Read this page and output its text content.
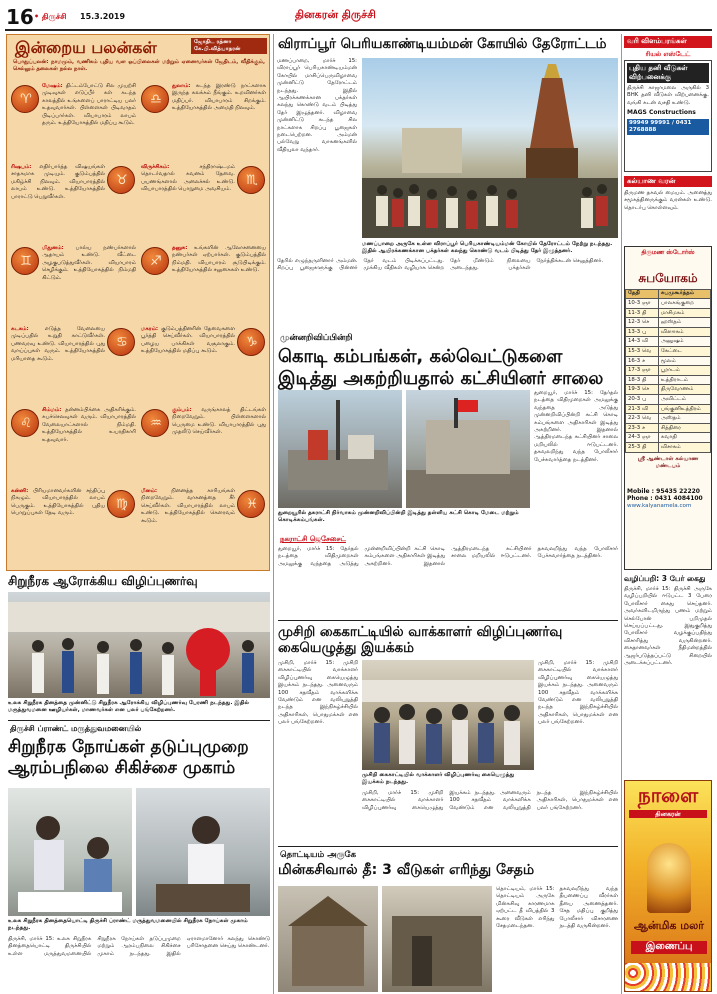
16 • திருச்சி 15.3.2019	தினகரன் திருச்சி
இன்றைய பலன்கள்	ஜோதிட ரத்னா
கே.பி.வித்யாதரன்
பொதுப்பலன்: நாமமும், வணிகம் புதிய வள ஒப்பிலைகள் மற்றும் ஏனைவர்கள் ஜேதிடம், வீதிக்கும், செல்லும் தலைகள் நல்ல நாள்.
♈
மேஷம்: திட்டம்போட்டு சில முயற்சி முடிவுகள் எடுப்பீர் கள் கடந்த காலத்தில் உங்களைப் பாராட்டிய பலர் உதவுவார்கள். பிள்ளைகள் பிடிவாதம் பிடிப்பார்கள். வியாபாரம் லாபம் தரும். உத்தியோகத்தில் மதிப்பு கூடும்.
♉
ரிஷபம்: எதிர்பார்த்த விஷயங்கள் சாதகமாக முடியும். குடும்பத்தில் மகிழ்ச்சி நிலவும். வியாபாரத்தில் லாபம் உண்டு. உத்தியோகத்தில் பாராட்டு பெறுவீர்கள்.
♊
மிதுனம்: பால்ய நண்பர்களால் ஆதாயம் உண்டு. வீட்டை அழகுபடுத்துவீர்கள். வியாபாரம் செழிக்கும். உத்தியோகத்தில் நிம்மதி கிட்டும்.
♋
கடகம்:	எடுத்த வேலையை முடிப்பதில் உறுதி காட்டுவீர்கள். பணவரவு உண்டு. வியாபாரத்தில் புது வாய்ப்புகள் வரும். உத்தியோகத்தில் மரியாதை கூடும்.
♌
சிம்மம்: தன்னம்பிக்கை அதிகரிக்கும். சுபச்செலவுகள் வரும். வியாபாரத்தில் வேலையாட்களால் நிம்மதி. உத்தியோகத்தில் உயரதிகாரி உதவுவார்.
♍
கன்னி: பிரியமானவர்களின் சந்திப்பு நிகழும். வியாபாரத்தில் லாபம் பெருகும். உத்தியோகத்தில் புதிய பொறுப்புகள் தேடி வரும்.
♎
துலாம்: கடந்த இரண்டு நாட்களாக இருந்த கலக்கம் நீங்கும். உறவினர்கள் மதிப்பர். வியாபாரம் சிறக்கும். உத்தியோகத்தில் அமைதி நிலவும்.
♏
விருச்சிகம்:	சந்திராஷ்டமம் தொடர்வதால் கவனம் தேவை. பயணங்களால் அலைச்சல் உண்டு. வியாபாரத்தில் பொறுமை அவசியம்.
♐
தனுசு: உங்களின் ஆலோசனையை நண்பர்கள் ஏற்பார்கள். குடும்பத்தில் நிம்மதி. வியாபாரம் சூடுபிடிக்கும். உத்தியோகத்தில் சலுகைகள் உண்டு.
♑
மகரம்: குடும்பத்தினரின் தேவைகளை பூர்த்தி செய்வீர்கள். வியாபாரத்தில் பழைய பாக்கிகள் வசூலாகும். உத்தியோகத்தில் மதிப்பு கூடும்.
♒
கும்பம்: வருங்காலத் திட்டங்கள் நிறைவேறும். பிள்ளைகளால் பெருமை உண்டு. வியாபாரத்தில் புது முதலீடு செய்வீர்கள்.
♓
மீனம்:	நினைத்த காரியங்கள் நிறைவேறும். வாகனத்தை சீர் செய்வீர்கள். வியாபாரத்தில் லாபம் உண்டு. உத்தியோகத்தில் கௌரவம் கூடும்.
விராப்பூர் பெரியகாண்டியம்மன் கோயில் தேரோட்டம்
மணப்பாறை, மார்ச் 15: விராப்பூர் பெரியகாண்டியம்மன் கோயில் மாசிப்பெருவிழாவை முன்னிட்டு தேரோட்டம் நடந்தது. இதில் ஆயிரக்கணக்கான பக்தர்கள் கலந்து கொண்டு வடம் பிடித்து தேர் இழுத்தனர். விழாவை முன்னிட்டு கடந்த சில நாட்களாக சிறப்பு பூஜைகள் நடைபெற்றன. அம்மன் பல்வேறு வாகனங்களில் வீதியுலா வந்தார்.
மணப்பாறை அருகே உள்ள விராப்பூர் பெரியகாண்டியம்மன் கோயில் தேரோட்டம் நேற்று நடந்தது. இதில் ஆயிரக்கணக்கான பக்தர்கள் கலந்து கொண்டு வடம் பிடித்து தேர் இழுத்தனர்.
தேரில் எழுந்தருளினார் அம்மன். சிறப்பு பூஜைகளுக்கு பின்னர் தேர் வடம் பிடிக்கப்பட்டது. முக்கிய வீதிகள் வழியாக சென்ற தேர் மீண்டும் நிலையை அடைந்தது. பக்தர்கள் நேர்த்திக்கடன் செலுத்தினர்.
முன்னறிவிப்பின்றி
கொடி கம்பங்கள், கல்வெட்டுகளை இடித்து அகற்றியதால் கட்சியினர் சாலை
துறையூரில் தகராட்சி நிர்வாகம் முன்னறிவிப்பின்றி இடித்து தள்ளிய கட்சி கொடி மேடை மற்றும் கொடிக்கம்பங்கள்.
துறையூர், மார்ச் 15: தேர்தல் நடத்தை விதிமுறைகள் அமலுக்கு வந்ததை அடுத்து முன்னறிவிப்பின்றி கட்சி கொடி கம்பங்களை அதிகாரிகள் இடித்து அகற்றினர். இதனால் ஆத்திரமடைந்த கட்சியினர் சாலை மறியலில் ஈடுபட்டனர். தகவலறிந்து வந்த போலீசார் பேச்சுவார்த்தை நடத்தினர்.
நகராட்சி ஜெசேசைட்
துறையூர், மார்ச் 15: தேர்தல் நடத்தை விதிமுறைகள் அமலுக்கு வந்ததை அடுத்து முன்னறிவிப்பின்றி கட்சி கொடி கம்பங்களை அதிகாரிகள் இடித்து அகற்றினர். இதனால் ஆத்திரமடைந்த கட்சியினர் சாலை மறியலில் ஈடுபட்டனர். தகவலறிந்து வந்த போலீசார் பேச்சுவார்த்தை நடத்தினர்.
முசிறி கைகாட்டியில் வாக்காளர் விழிப்புணர்வு கையெழுத்து இயக்கம்
முசிறி, மார்ச் 15: முசிறி கைகாட்டியில் வாக்காளர் விழிப்புணர்வு கையெழுத்து இயக்கம் நடந்தது. அனைவரும் 100 சதவீதம் வாக்களிக்க வேண்டும் என வலியுறுத்தி நடந்த இந்நிகழ்ச்சியில் அதிகாரிகள், பொதுமக்கள் என பலர் பங்கேற்றனர்.
முசிறி கைகாட்டியில் வாக்காளர் விழிப்புணர்வு கையெழுத்து இயக்கம் நடந்தது.
முசிறி, மார்ச் 15: முசிறி கைகாட்டியில் வாக்காளர் விழிப்புணர்வு கையெழுத்து இயக்கம் நடந்தது. அனைவரும் 100 சதவீதம் வாக்களிக்க வேண்டும் என வலியுறுத்தி நடந்த இந்நிகழ்ச்சியில் அதிகாரிகள், பொதுமக்கள் என பலர் பங்கேற்றனர்.
முசிறி, மார்ச் 15: முசிறி கைகாட்டியில் வாக்காளர் விழிப்புணர்வு கையெழுத்து இயக்கம் நடந்தது. அனைவரும் 100 சதவீதம் வாக்களிக்க வேண்டும் என வலியுறுத்தி நடந்த இந்நிகழ்ச்சியில் அதிகாரிகள், பொதுமக்கள் என பலர் பங்கேற்றனர்.
தொட்டியம் அருகே
மின்கசிவால் தீ: 3 வீடுகள் எரிந்து சேதம்
தொட்டியம், மார்ச் 15: தொட்டியம் அருகே மின்கசிவு காரணமாக ஏற்பட்ட தீ விபத்தில் 3 கூரை வீடுகள் எரிந்து சேதமடைந்தன. தகவலறிந்து வந்த தீயணைப்பு வீரர்கள் தீயை அணைத்தனர். சேத மதிப்பு குறித்து போலீசார் விசாரணை நடத்தி வருகின்றனர்.
சிறுநீரக ஆரோக்கிய விழிப்புணர்வு
உலக சிறுநீரக தினத்தை முன்னிட்டு சிறுநீரக ஆரோக்கிய விழிப்புணர்வு பேரணி நடந்தது. இதில் மருத்துவமனை ஊழியர்கள், மாணவர்கள் என பலர் பங்கேற்றனர்.
திருச்சி ப்ராண்ட் மருத்துவமனையில்
சிறுநீரக நோய்கள் தடுப்புமுறை ஆரம்பநிலை சிகிச்சை முகாம்
உலக சிறுநீரக தினத்தையொட்டி திருச்சி ப்ராண்ட் மருத்துவமனையில் சிறுநீரக நோய்கள் முகாம் நடந்தது.
திருச்சி, மார்ச் 15: உலக சிறுநீரக தினத்தையொட்டி திருச்சியில் உள்ள மருத்துவமனையில் சிறுநீரக நோய்கள் தடுப்புமுறை மற்றும் ஆரம்பநிலை சிகிச்சை முகாம் நடந்தது. இதில் ஏராளமானோர் கலந்து கொண்டு பரிசோதனை செய்து கொண்டனர்.
வரி விளம்பரங்கள்
ரியல் எஸ்டேட்
புதிய தனி வீடுகள் விற்பனைக்கு
திருச்சி காஜாமலை அருகில் 3 BHK தனி வீடுகள் விற்பனைக்கு. வங்கி கடன் வசதி உண்டு.
MAGS Constructions
99949 99991 / 0431 2768888
கல்யாண வரன்
திருமண தகவல் மையம். அனைத்து சமூகத்தினருக்கும் வரன்கள் உண்டு. தொடர்பு கொள்ளவும்.
திருமண ஸ்டோர்ஸ்
சுபயோகம்
தேதி	சுபமுகூர்த்தம்
10-3 ஞா	பாலகங்குறை
11-3 தி	மாசிமகம்
12-3 செ	ஹஸ்தம்
13-3 பு	விஸாகம்
14-3 வி	அனுஷம்
15-3 வெ	கேட்டை
16-3 ச	மூலம்
17-3 ஞா	பூராடம்
18-3 தி	உத்திராடம்
19-3 செ	திருவோணம்
20-3 பு	அவிட்டம்
21-3 வி	பங்குனிஉத்திரம்
22-3 வெ	அஸ்தம்
23-3 ச	சித்திரை
24-3 ஞா	சுவாதி
25-3 தி	விசாகம்
ஸ்ரீ ஆண்டாள் கல்யாண மண்டபம்
Mobile : 95435 22220
Phone : 0431 4084100
www.kalyanamela.com
வழிப்பறி: 3 பேர் கைது
திருச்சி, மார்ச் 15: திருச்சி அருகே வழிப்பறியில் ஈடுபட்ட 3 பேரை போலீசார் கைது செய்தனர். அவர்களிடமிருந்து பணம் மற்றும் செல்போன் பறிமுதல் செய்யப்பட்டது. இதுகுறித்து போலீசார் வழக்குப்பதிந்து விசாரித்து வருகின்றனர். கைதானவர்கள் நீதிமன்றத்தில் ஆஜர்படுத்தப்பட்டு சிறையில் அடைக்கப்பட்டனர்.
நாளை
தினகரன்
ஆன்மிக மலர்
இணைப்பு
